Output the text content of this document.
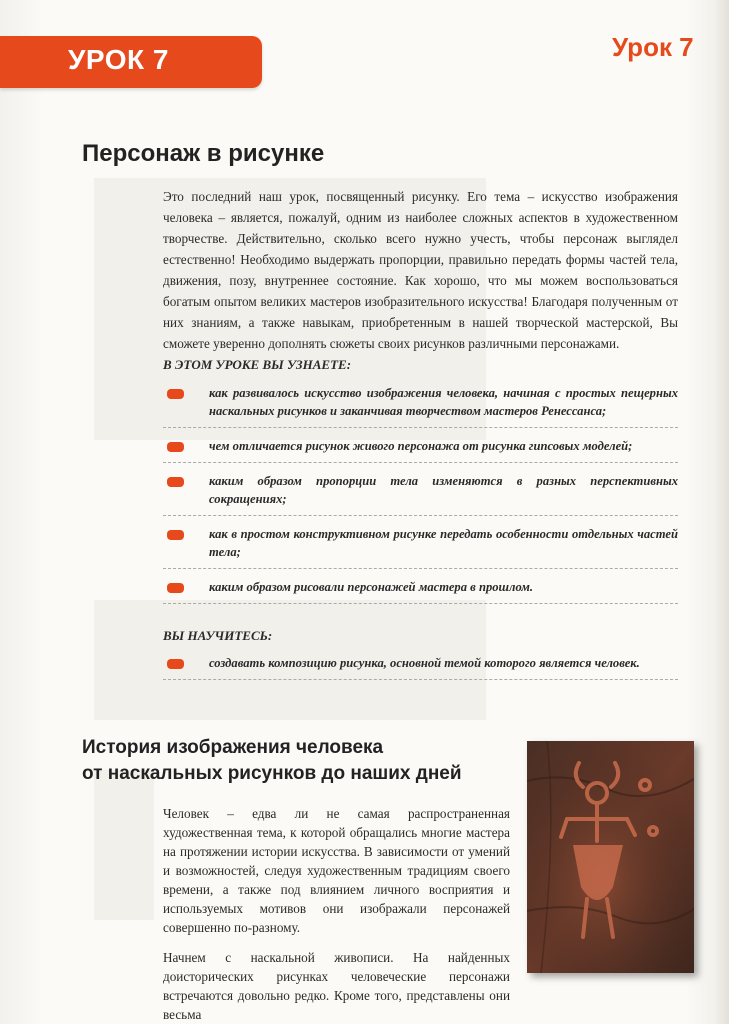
УРОК 7	Урок 7
Персонаж в рисунке

Это последний наш урок, посвященный рисунку. Его тема – искусство изображения человека – является, пожалуй, одним из наиболее сложных аспектов в художественном творчестве. Действительно, сколько всего нужно учесть, чтобы персонаж выглядел естественно! Необходимо выдержать пропорции, правильно передать формы частей тела, движения, позу, внутреннее состояние. Как хорошо, что мы можем воспользоваться богатым опытом великих мастеров изобразительного искусства! Благодаря полученным от них знаниям, а также навыкам, приобретенным в нашей творческой мастерской, Вы сможете уверенно дополнять сюжеты своих рисунков различными персонажами.

В ЭТОМ УРОКЕ ВЫ УЗНАЕТЕ:
как развивалось искусство изображения человека, начиная с простых пещерных наскальных рисунков и заканчивая творчеством мастеров Ренессанса;
чем отличается рисунок живого персонажа от рисунка гипсовых моделей;
каким образом пропорции тела изменяются в разных перспективных сокращениях;
как в простом конструктивном рисунке передать особенности отдельных частей тела;
каким образом рисовали персонажей мастера в прошлом.
ВЫ НАУЧИТЕСЬ:
создавать композицию рисунка, основной темой которого является человек.
История изображения человека
от наскальных рисунков до наших дней

Человек – едва ли не самая распространенная художественная тема, к которой обращались многие мастера на протяжении истории искусства. В зависимости от умений и возможностей, следуя художественным традициям своего времени, а также под влиянием личного восприятия и используемых мотивов они изображали персонажей совершенно по-разному.

Начнем с наскальной живописи. На найденных доисторических рисунках человеческие персонажи встречаются довольно редко. Кроме того, представлены они весьма
